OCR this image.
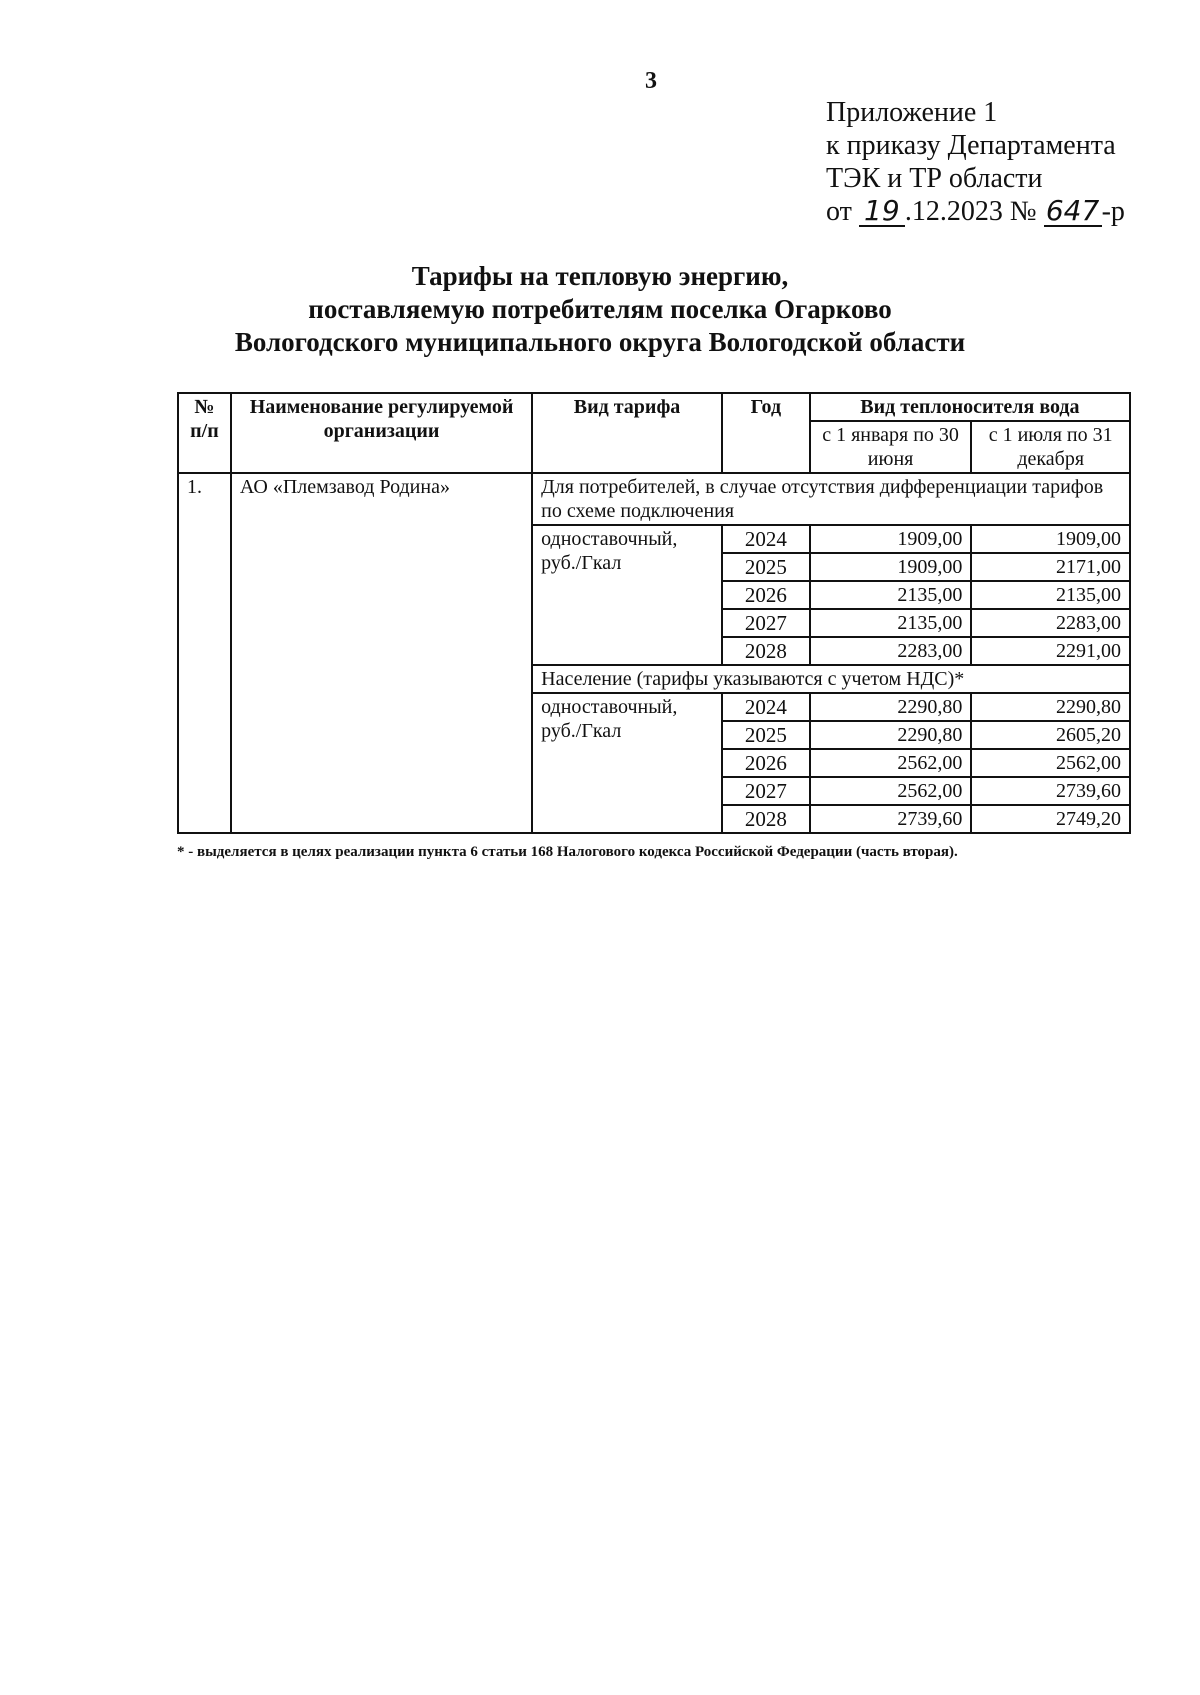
3
Приложение 1
к приказу Департамента
ТЭК и ТР области
от 19 .12.2023 № 647-р
Тарифы на тепловую энергию,
поставляемую потребителям поселка Огарково
Вологодского муниципального округа Вологодской области
№ п/п	Наименование регулируемой организации	Вид тарифа	Год	Вид теплоносителя вода	
				с 1 января по 30 июня	с 1 июля по 31 декабря
1.	АО «Племзавод Родина»	Для потребителей, в случае отсутствия дифференциации тарифов по схеме подключения			
		одноставочный, руб./Гкал	2024	1909,00	1909,00
			2025	1909,00	2171,00
			2026	2135,00	2135,00
			2027	2135,00	2283,00
			2028	2283,00	2291,00
		Население (тарифы указываются с учетом НДС)*			
		одноставочный, руб./Гкал	2024	2290,80	2290,80
			2025	2290,80	2605,20
			2026	2562,00	2562,00
			2027	2562,00	2739,60
			2028	2739,60	2749,20
* - выделяется в целях реализации пункта 6 статьи 168 Налогового кодекса Российской Федерации (часть вторая).
